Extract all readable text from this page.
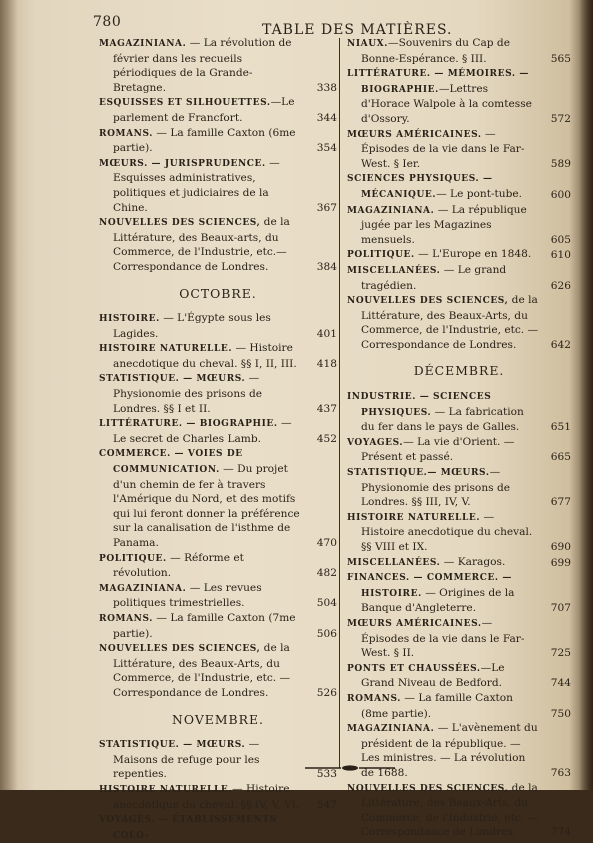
780	TABLE DES MATIÈRES.
MAGAZINIANA. — La révolution de février dans les recueils périodiques de la Grande-Bretagne.	338
ESQUISSES ET SILHOUETTES.—Le parlement de Francfort.	344
ROMANS. — La famille Caxton (6me partie).	354
MŒURS. — JURISPRUDENCE. — Esquisses administratives, politiques et judiciaires de la Chine.	367
NOUVELLES DES SCIENCES, de la Littérature, des Beaux-arts, du Commerce, de l'Industrie, etc.— Correspondance de Londres.	384
OCTOBRE.
HISTOIRE. — L'Égypte sous les Lagides.	401
HISTOIRE NATURELLE. — Histoire anecdotique du cheval. §§ I, II, III.	418
STATISTIQUE. — MŒURS. — Physionomie des prisons de Londres. §§ I et II.	437
LITTÉRATURE. — BIOGRAPHIE. — Le secret de Charles Lamb.	452
COMMERCE. — VOIES DE COMMUNICATION. — Du projet d'un chemin de fer à travers l'Amérique du Nord, et des motifs qui lui feront donner la préférence sur la canalisation de l'isthme de Panama.	470
POLITIQUE. — Réforme et révolution.	482
MAGAZINIANA. — Les revues politiques trimestrielles.	504
ROMANS. — La famille Caxton (7me partie).	506
NOUVELLES DES SCIENCES, de la Littérature, des Beaux-Arts, du Commerce, de l'Industrie, etc. — Correspondance de Londres.	526
NOVEMBRE.
STATISTIQUE. — MŒURS. — Maisons de refuge pour les repenties.	533
HISTOIRE NATURELLE.— Histoire anecdotique du cheval. §§ IV, V, VI.	547
VOYAGES. — ÉTABLISSEMENTS COLO-
NIAUX.—Souvenirs du Cap de Bonne-Espérance. § III.	565
LITTÉRATURE. — MÉMOIRES. — BIOGRAPHIE.—Lettres d'Horace Walpole à la comtesse d'Ossory.	572
MŒURS AMÉRICAINES. — Épisodes de la vie dans le Far-West. § Ier.	589
SCIENCES PHYSIQUES. — MÉCANIQUE.— Le pont-tube.	600
MAGAZINIANA. — La république jugée par les Magazines mensuels.	605
POLITIQUE. — L'Europe en 1848.	610
MISCELLANÉES. — Le grand tragédien.	626
NOUVELLES DES SCIENCES, de la Littérature, des Beaux-Arts, du Commerce, de l'Industrie, etc. — Correspondance de Londres.	642
DÉCEMBRE.
INDUSTRIE. — SCIENCES PHYSIQUES. — La fabrication du fer dans le pays de Galles.	651
VOYAGES.— La vie d'Orient. — Présent et passé.	665
STATISTIQUE.— MŒURS.— Physionomie des prisons de Londres. §§ III, IV, V.	677
HISTOIRE NATURELLE. — Histoire anecdotique du cheval. §§ VIII et IX.	690
MISCELLANÉES. — Karagos.	699
FINANCES. — COMMERCE. — HISTOIRE. — Origines de la Banque d'Angleterre.	707
MŒURS AMÉRICAINES.— Épisodes de la vie dans le Far-West. § II.	725
PONTS ET CHAUSSÉES.—Le Grand Niveau de Bedford.	744
ROMANS. — La famille Caxton (8me partie).	750
MAGAZINIANA. — L'avènement du président de la république. — Les ministres. — La révolution de 1688.	763
NOUVELLES DES SCIENCES, de la Littérature, des Beaux-Arts, du Commerce, de l'Industrie, etc. — Correspondance de Londres.	774
